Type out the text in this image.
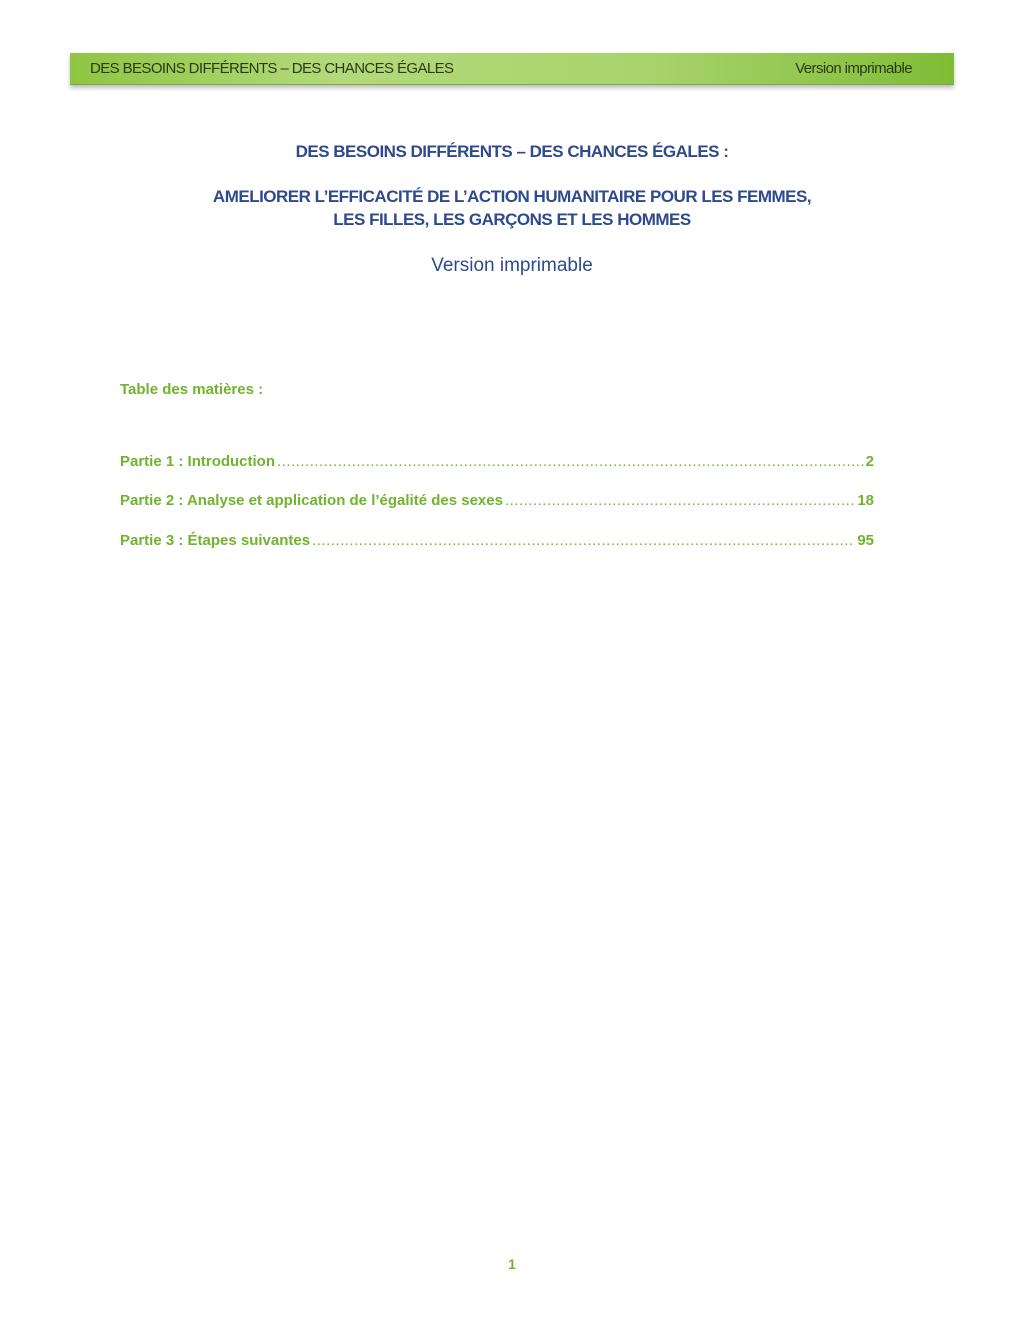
DES BESOINS DIFFÉRENTS – DES CHANCES ÉGALES	Version imprimable
DES BESOINS DIFFÉRENTS – DES CHANCES ÉGALES :
AMELIORER L’EFFICACITÉ DE L’ACTION HUMANITAIRE POUR LES FEMMES,
LES FILLES, LES GARÇONS ET LES HOMMES
Version imprimable
Table des matières :
Partie 1 : Introduction .....	2
Partie 2 : Analyse et application de l’égalité des sexes .....	18
Partie 3 : Étapes suivantes .....	95
1
